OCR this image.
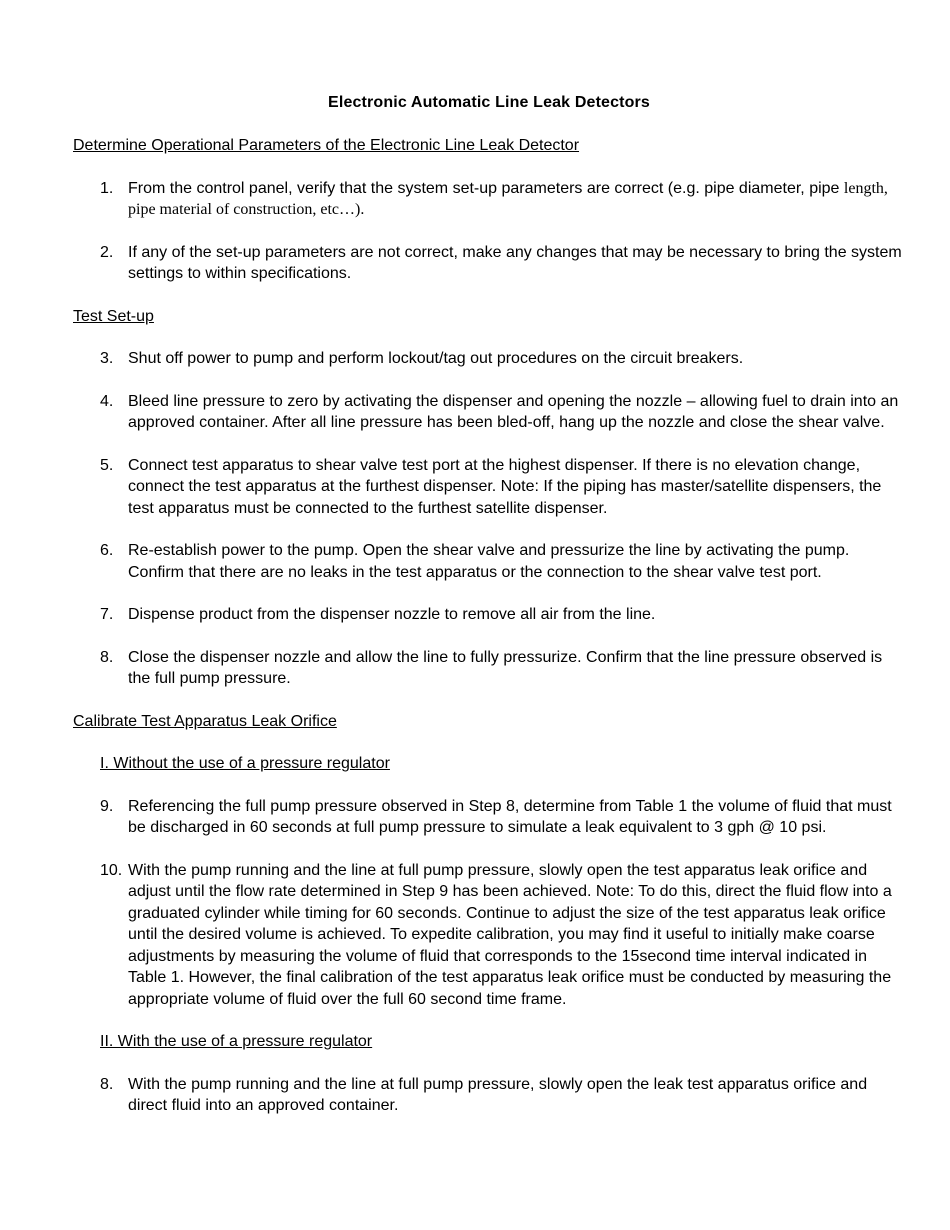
Electronic Automatic Line Leak Detectors
Determine Operational Parameters of the Electronic Line Leak Detector
1. From the control panel, verify that the system set-up parameters are correct (e.g. pipe diameter, pipe length, pipe material of construction, etc…).

2. If any of the set-up parameters are not correct, make any changes that may be necessary to bring the system settings to within specifications.

Test Set-up
3. Shut off power to pump and perform lockout/tag out procedures on the circuit breakers.

4. Bleed line pressure to zero by activating the dispenser and opening the nozzle – allowing fuel to drain into an approved container. After all line pressure has been bled-off, hang up the nozzle and close the shear valve.

5. Connect test apparatus to shear valve test port at the highest dispenser. If there is no elevation change, connect the test apparatus at the furthest dispenser. Note: If the piping has master/satellite dispensers, the test apparatus must be connected to the furthest satellite dispenser.

6. Re-establish power to the pump. Open the shear valve and pressurize the line by activating the pump. Confirm that there are no leaks in the test apparatus or the connection to the shear valve test port.

7. Dispense product from the dispenser nozzle to remove all air from the line.

8. Close the dispenser nozzle and allow the line to fully pressurize. Confirm that the line pressure observed is the full pump pressure.

Calibrate Test Apparatus Leak Orifice
I. Without the use of a pressure regulator
9. Referencing the full pump pressure observed in Step 8, determine from Table 1 the volume of fluid that must be discharged in 60 seconds at full pump pressure to simulate a leak equivalent to 3 gph @ 10 psi.

10. With the pump running and the line at full pump pressure, slowly open the test apparatus leak orifice and adjust until the flow rate determined in Step 9 has been achieved. Note: To do this, direct the fluid flow into a graduated cylinder while timing for 60 seconds. Continue to adjust the size of the test apparatus leak orifice until the desired volume is achieved. To expedite calibration, you may find it useful to initially make coarse adjustments by measuring the volume of fluid that corresponds to the 15second time interval indicated in Table 1. However, the final calibration of the test apparatus leak orifice must be conducted by measuring the appropriate volume of fluid over the full 60 second time frame.

II. With the use of a pressure regulator
8. With the pump running and the line at full pump pressure, slowly open the leak test apparatus orifice and direct fluid into an approved container.
